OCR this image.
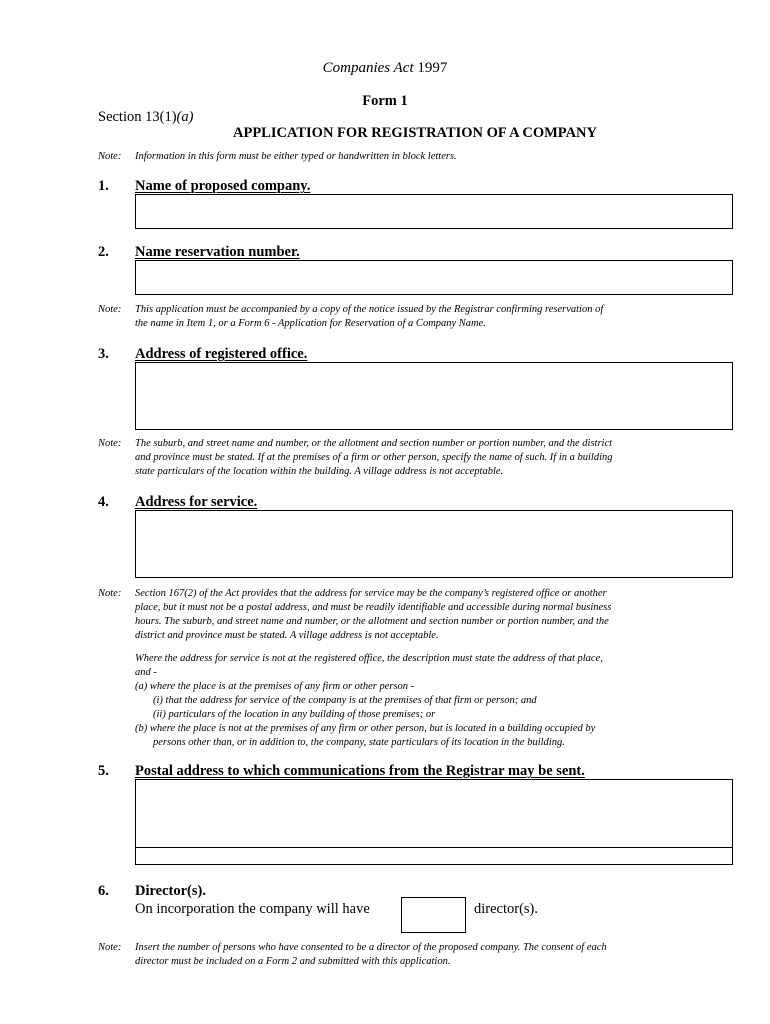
Companies Act 1997
Form 1
Section 13(1)(a)
APPLICATION FOR REGISTRATION OF A COMPANY
Note: Information in this form must be either typed or handwritten in block letters.
1. Name of proposed company.
2. Name reservation number.
Note: This application must be accompanied by a copy of the notice issued by the Registrar confirming reservation of
the name in Item 1, or a Form 6 - Application for Reservation of a Company Name.
3. Address of registered office.
Note: The suburb, and street name and number, or the allotment and section number or portion number, and the district
and province must be stated. If at the premises of a firm or other person, specify the name of such. If in a building
state particulars of the location within the building. A village address is not acceptable.
4. Address for service.
Note: Section 167(2) of the Act provides that the address for service may be the company’s registered office or another
place, but it must not be a postal address, and must be readily identifiable and accessible during normal business
hours. The suburb, and street name and number, or the allotment and section number or portion number, and the
district and province must be stated. A village address is not acceptable.
Where the address for service is not at the registered office, the description must state the address of that place,
and -
(a) where the place is at the premises of any firm or other person -
(i) that the address for service of the company is at the premises of that firm or person; and
(ii) particulars of the location in any building of those premises; or
(b) where the place is not at the premises of any firm or other person, but is located in a building occupied by
persons other than, or in addition to, the company, state particulars of its location in the building.
5. Postal address to which communications from the Registrar may be sent.
6. Director(s).
On incorporation the company will have	director(s).
Note: Insert the number of persons who have consented to be a director of the proposed company. The consent of each
director must be included on a Form 2 and submitted with this application.
